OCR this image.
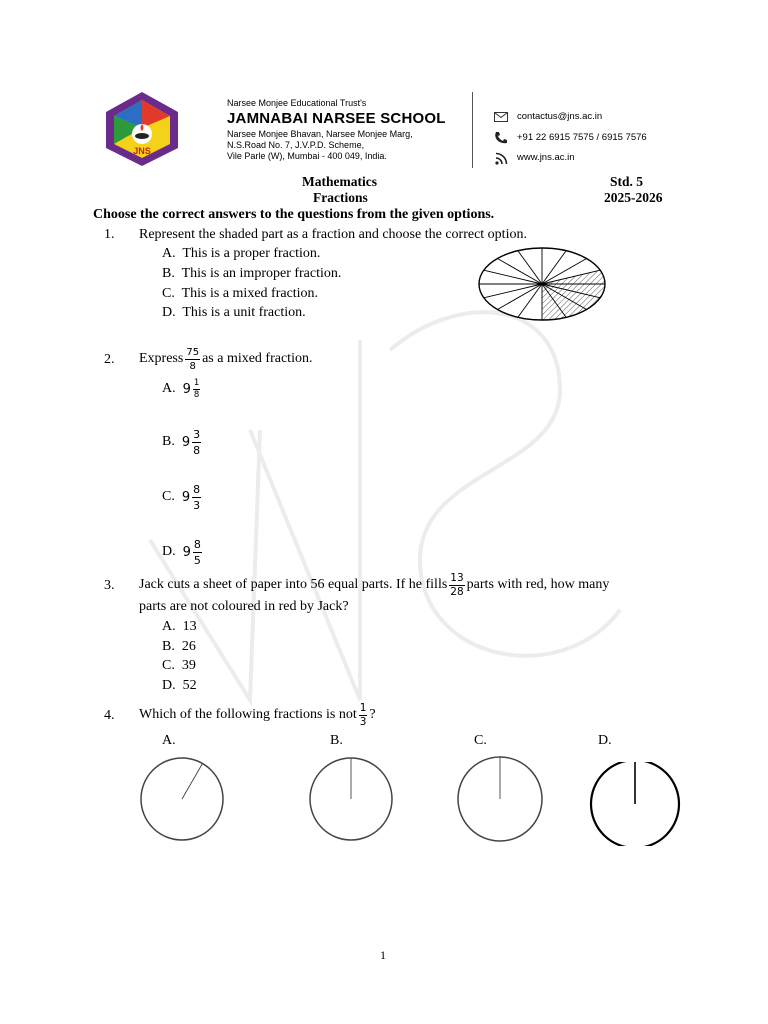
JNS
Narsee Monjee Educational Trust's
JAMNABAI NARSEE SCHOOL
Narsee Monjee Bhavan, Narsee Monjee Marg,
N.S.Road No. 7, J.V.P.D. Scheme,
Vile Parle (W), Mumbai - 400 049, India.
contactus@jns.ac.in
+91 22 6915 7575 / 6915 7576
www.jns.ac.in
Mathematics
Fractions
Std. 5
2025-2026
Choose the correct answers to the questions from the given options.
1. Represent the shaded part as a fraction and choose the correct option.
A. This is a proper fraction.
B. This is an improper fraction.
C. This is a mixed fraction.
D. This is a unit fraction.
2. Express $\frac{75}{8}$ as a mixed fraction.
A.
$9 \frac{1}{8}$
B.
$9 \frac{3}{8}$
C.
$9 \frac{8}{3}$
D.
$9 \frac{8}{5}$
3. Jack cuts a sheet of paper into 56 equal parts. If he fills $\frac{13}{28}$ parts with red, how many
parts are not coloured in red by Jack?
A. 13
B. 26
C. 39
D. 52
4. Which of the following fractions is not $\frac{1}{3}$ ?
A.	B.	C.	D.
1
